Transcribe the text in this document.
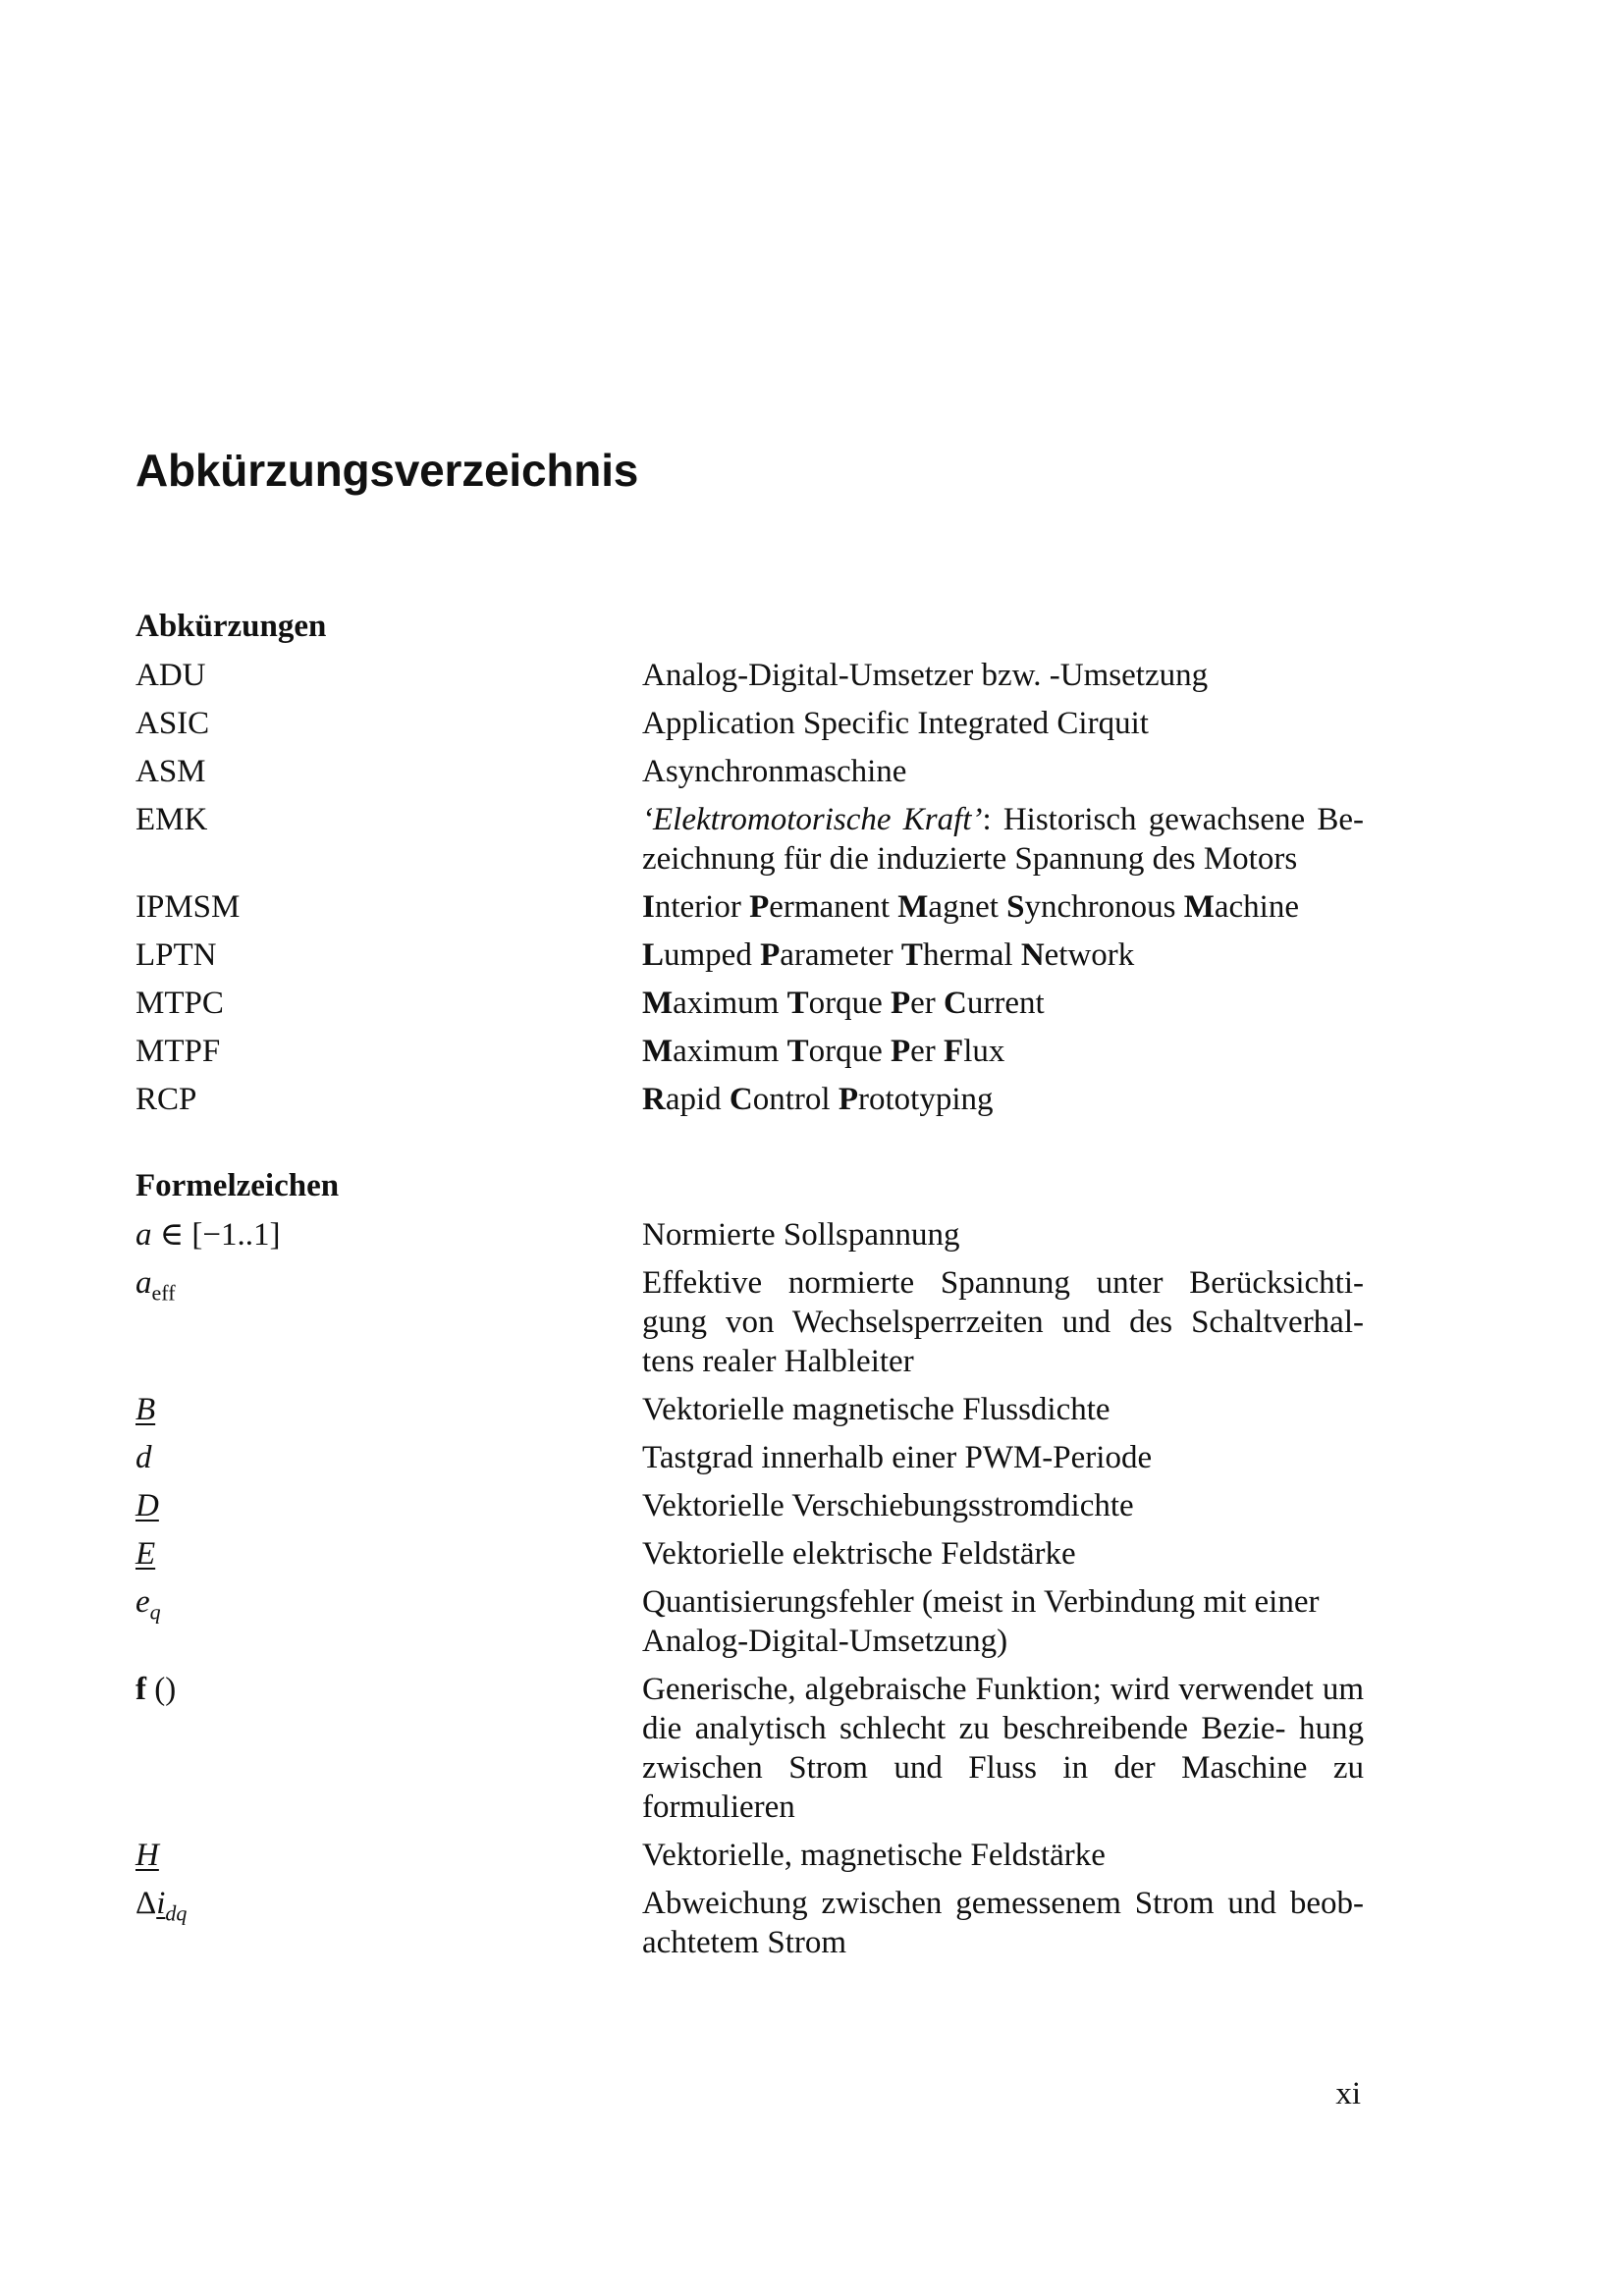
Abkürzungsverzeichnis
Abkürzungen
ADU	Analog-Digital-Umsetzer bzw. -Umsetzung
ASIC	Application Specific Integrated Cirquit
ASM	Asynchronmaschine
EMK	‘Elektromotorische Kraft’: Historisch gewachsene Be- zeichnung für die induzierte Spannung des Motors
IPMSM	Interior Permanent Magnet Synchronous Machine
LPTN	Lumped Parameter Thermal Network
MTPC	Maximum Torque Per Current
MTPF	Maximum Torque Per Flux
RCP	Rapid Control Prototyping
Formelzeichen
a ∈ [−1..1]	Normierte Sollspannung
$a_{eff}$	Effektive normierte Spannung unter Berücksichti- gung von Wechselsperrzeiten und des Schaltverhal- tens realer Halbleiter
B	Vektorielle magnetische Flussdichte
d	Tastgrad innerhalb einer PWM-Periode
D	Vektorielle Verschiebungsstromdichte
E	Vektorielle elektrische Feldstärke
$e_q$	Quantisierungsfehler (meist in Verbindung mit einer Analog-Digital-Umsetzung)
f ()	Generische, algebraische Funktion; wird verwendet um die analytisch schlecht zu beschreibende Bezie- hung zwischen Strom und Fluss in der Maschine zu formulieren
H	Vektorielle, magnetische Feldstärke
$\Delta i_{dq}$	Abweichung zwischen gemessenem Strom und beob- achtetem Strom
xi
